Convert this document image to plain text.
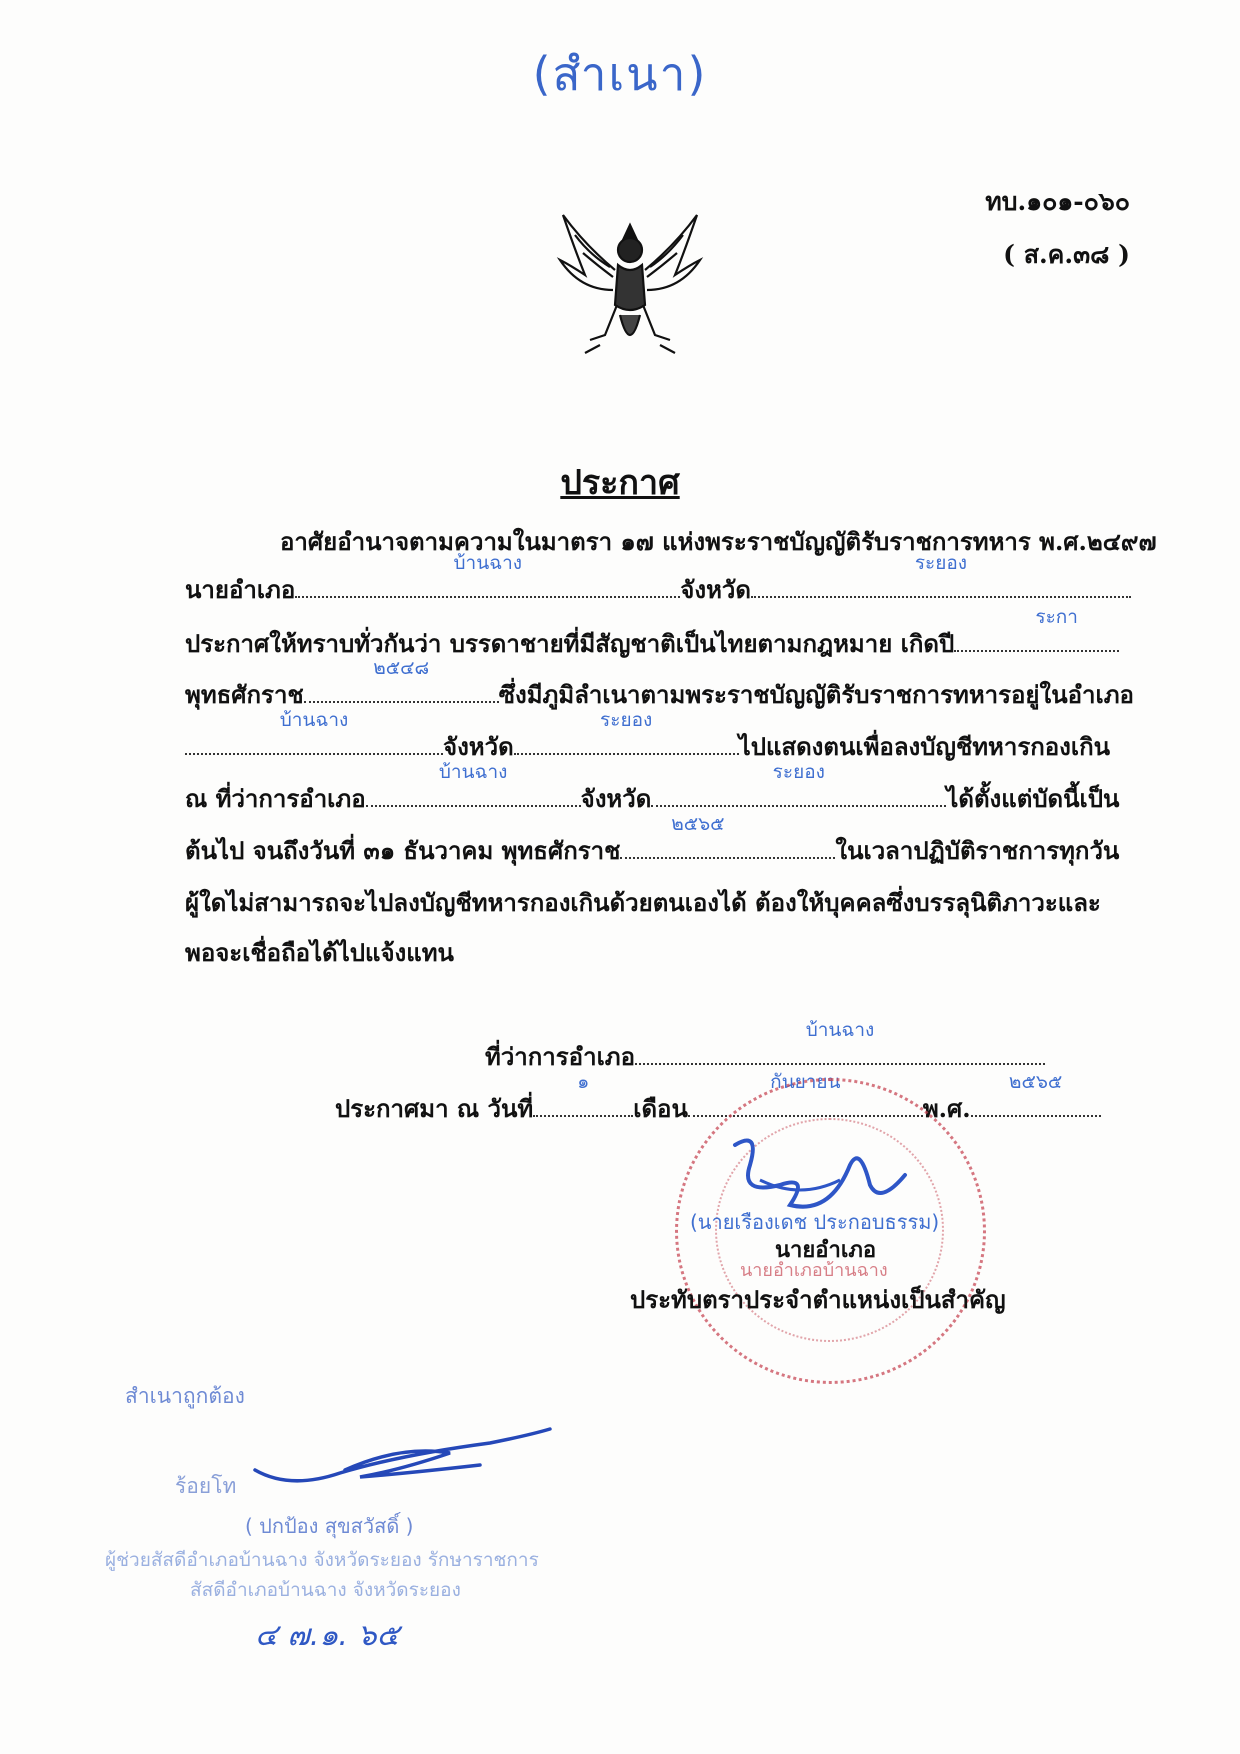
(สำเนา)
ทบ.๑๐๑-๐๖๐
( ส.ค.๓๘ )
ประกาศ
อาศัยอำนาจตามความในมาตรา ๑๗ แห่งพระราชบัญญัติรับราชการทหาร พ.ศ.๒๔๙๗
นายอำเภอ
บ้านฉาง
จังหวัด
ระยอง
ประกาศให้ทราบทั่วกันว่า บรรดาชายที่มีสัญชาติเป็นไทยตามกฎหมาย เกิดปี
ระกา
พุทธศักราช
๒๕๔๘
ซึ่งมีภูมิลำเนาตามพระราชบัญญัติรับราชการทหารอยู่ในอำเภอ
บ้านฉาง
จังหวัด
ระยอง
ไปแสดงตนเพื่อลงบัญชีทหารกองเกิน
ณ ที่ว่าการอำเภอ
บ้านฉาง
จังหวัด
ระยอง
ได้ตั้งแต่บัดนี้เป็น
ต้นไป จนถึงวันที่ ๓๑ ธันวาคม พุทธศักราช
๒๕๖๕
ในเวลาปฏิบัติราชการทุกวัน
ผู้ใดไม่สามารถจะไปลงบัญชีทหารกองเกินด้วยตนเองได้ ต้องให้บุคคลซึ่งบรรลุนิติภาวะและ
พอจะเชื่อถือได้ไปแจ้งแทน
ที่ว่าการอำเภอ
บ้านฉาง
ประกาศมา ณ วันที่
๑
เดือน
กันยายน
พ.ศ.
๒๕๖๕
นายอำเภอบ้านฉาง
(นายเรืองเดช ประกอบธรรม)
นายอำเภอ
ประทับตราประจำตำแหน่งเป็นสำคัญ
สำเนาถูกต้อง
ร้อยโท
( ปกป้อง สุขสวัสดิ์ )
ผู้ช่วยสัสดีอำเภอบ้านฉาง จังหวัดระยอง รักษาราชการ
สัสดีอำเภอบ้านฉาง จังหวัดระยอง
๔ ๗.๑. ๖๕
